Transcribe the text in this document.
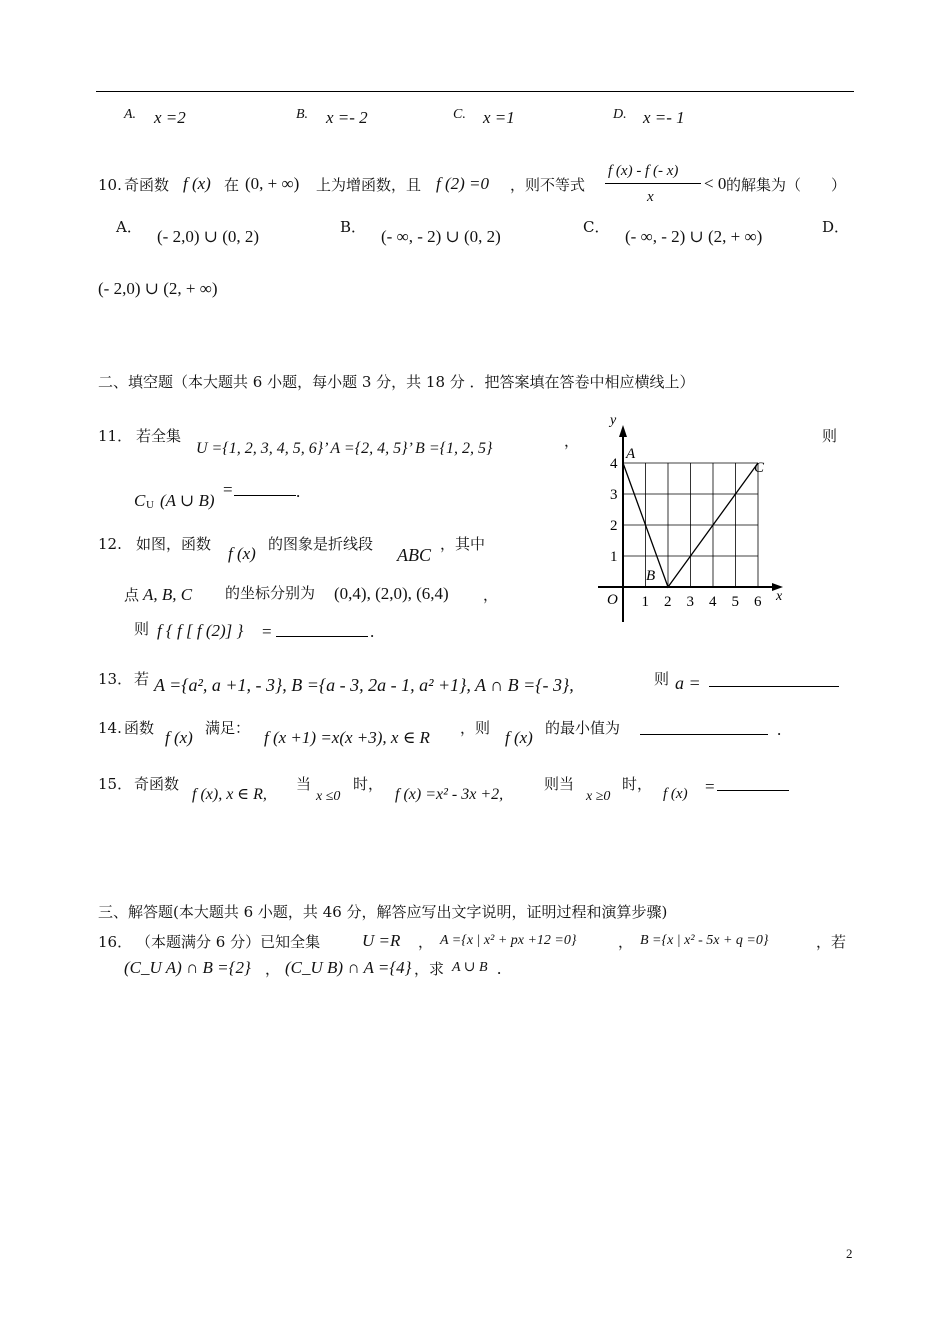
A. x =2	B. x =- 2	C. x =1	D. x =- 1
10. 奇函数 f (x) 在 (0, + ∞) 上为增函数，且 f (2) =0 ，则不等式
f (x) - f (- x)
x
< 0 的解集为（　　）
A． (- 2,0) ∪ (0, 2)	B． (- ∞, - 2) ∪ (0, 2)	C． (- ∞, - 2) ∪ (2, + ∞)	D．
(- 2,0) ∪ (2, + ∞)
二、填空题（本大题共 6 小题，每小题 3 分，共 18 分 ．把答案填在答卷中相应横线上）
11． 若全集
U ={1, 2, 3, 4, 5, 6}’ A ={2, 4, 5}’ B ={1, 2, 5}	，	则
C U (A ∪ B)
=	.
12. 如图，函数 f (x) 的图象是折线段
ABC
，其中
点 A, B, C 的坐标分别为 (0,4), (2,0), (6,4) ，
则 f { f [ f (2)] } =	.
1 2 3 4 5 6
1
2
3
4
y
x
O
A
B
C
13． 若 A ={a², a +1, - 3}, B ={a - 3, 2a - 1, a² +1}, A ∩ B ={- 3},	则 a =
14. 函数 f (x) 满足： f (x +1) =x(x +3), x ∈ R ，则 f (x) 的最小值为	.
15． 奇函数
f (x), x ∈ R,
当
x ≤0
时，
f (x) =x² - 3x +2,
则当
x ≥0
时，
f (x) =
三、解答题(本大题共 6 小题，共 46 分，解答应写出文字说明，证明过程和演算步骤)
16． （本题满分 6 分）已知全集 U =R ， A ={x | x² + px +12 =0}	， B ={x | x² - 5x + q =0}	，若
(C_U A) ∩ B ={2} ， (C_U B) ∩ A ={4} ，求 A ∪ B .
2
